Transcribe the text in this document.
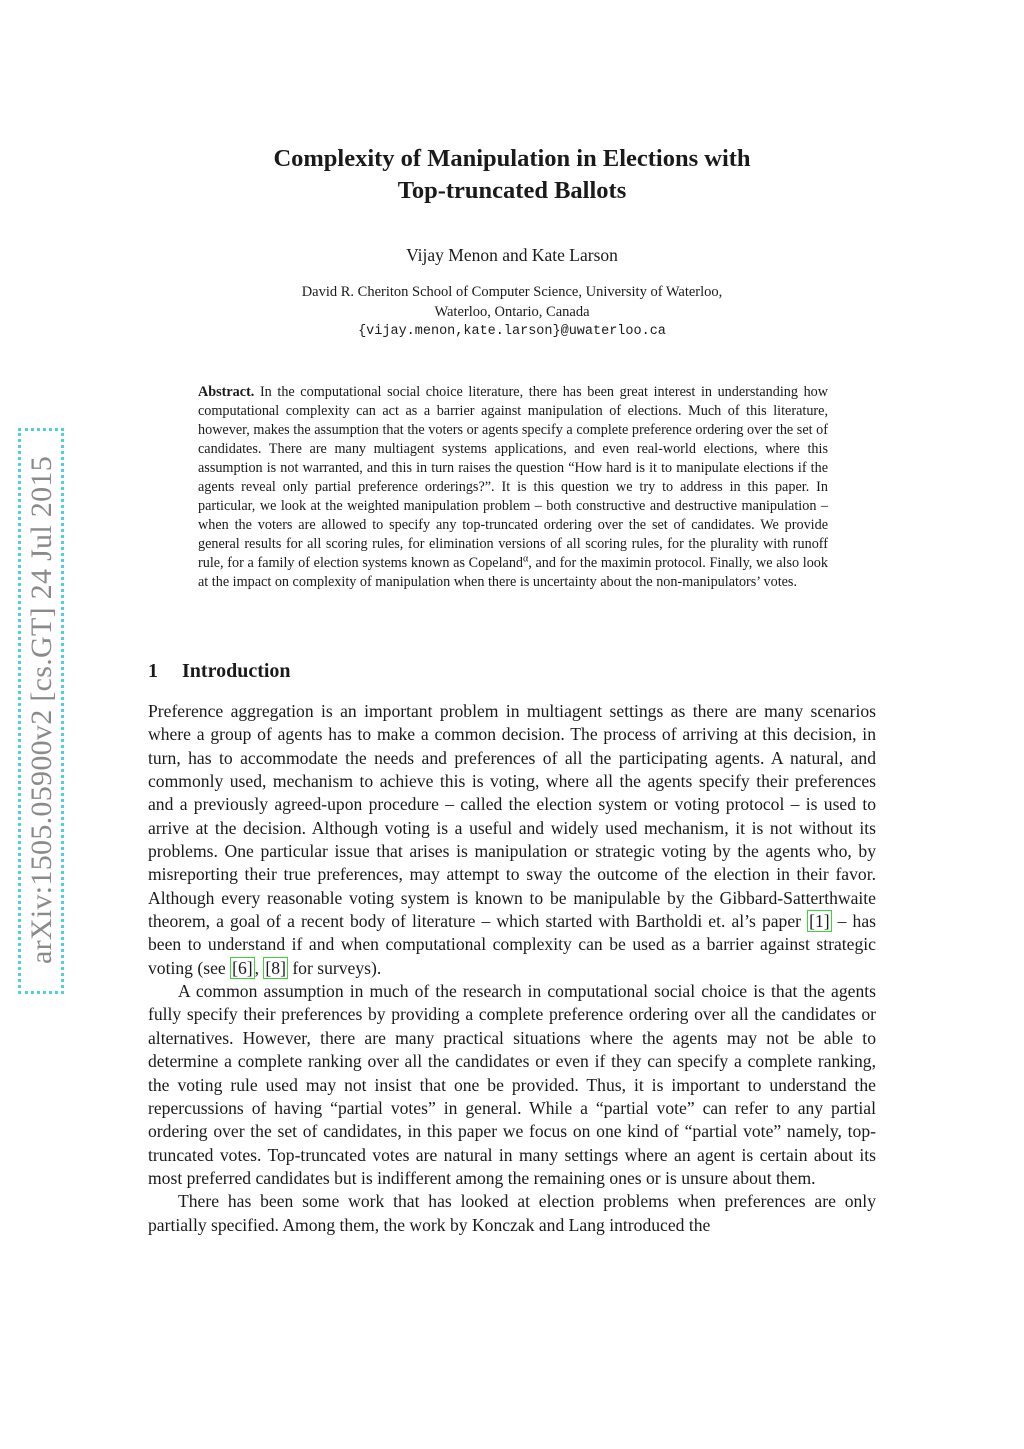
arXiv:1505.05900v2 [cs.GT] 24 Jul 2015
Complexity of Manipulation in Elections with
Top-truncated Ballots
Vijay Menon and Kate Larson
David R. Cheriton School of Computer Science, University of Waterloo,
Waterloo, Ontario, Canada
{vijay.menon,kate.larson}@uwaterloo.ca
Abstract. In the computational social choice literature, there has been great interest in understanding how computational complexity can act as a barrier against manipulation of elections. Much of this literature, however, makes the assumption that the voters or agents specify a complete preference ordering over the set of candidates. There are many multiagent systems applications, and even real-world elections, where this assumption is not warranted, and this in turn raises the question “How hard is it to manipulate elections if the agents reveal only partial preference orderings?”. It is this question we try to address in this paper. In particular, we look at the weighted manipulation problem – both constructive and destructive manipulation – when the voters are allowed to specify any top-truncated ordering over the set of candidates. We provide general results for all scoring rules, for elimination versions of all scoring rules, for the plurality with runoff rule, for a family of election systems known as Copeland$^\alpha$, and for the maximin protocol. Finally, we also look at the impact on complexity of manipulation when there is uncertainty about the non-manipulators’ votes.
1 Introduction

Preference aggregation is an important problem in multiagent settings as there are many scenarios where a group of agents has to make a common decision. The process of arriving at this decision, in turn, has to accommodate the needs and preferences of all the participating agents. A natural, and commonly used, mechanism to achieve this is voting, where all the agents specify their preferences and a previously agreed-upon procedure – called the election system or voting protocol – is used to arrive at the decision. Although voting is a useful and widely used mechanism, it is not without its problems. One particular issue that arises is manipulation or strategic voting by the agents who, by misreporting their true preferences, may attempt to sway the outcome of the election in their favor. Although every reasonable voting system is known to be manipulable by the Gibbard-Satterthwaite theorem, a goal of a recent body of literature – which started with Bartholdi et. al’s paper [1] – has been to understand if and when computational complexity can be used as a barrier against strategic voting (see [6] , [8] for surveys).

A common assumption in much of the research in computational social choice is that the agents fully specify their preferences by providing a complete preference ordering over all the candidates or alternatives. However, there are many practical situations where the agents may not be able to determine a complete ranking over all the candidates or even if they can specify a complete ranking, the voting rule used may not insist that one be provided. Thus, it is important to understand the repercussions of having “partial votes” in general. While a “partial vote” can refer to any partial ordering over the set of candidates, in this paper we focus on one kind of “partial vote” namely, top-truncated votes. Top-truncated votes are natural in many settings where an agent is certain about its most preferred candidates but is indifferent among the remaining ones or is unsure about them.

There has been some work that has looked at election problems when preferences are only partially specified. Among them, the work by Konczak and Lang introduced the
